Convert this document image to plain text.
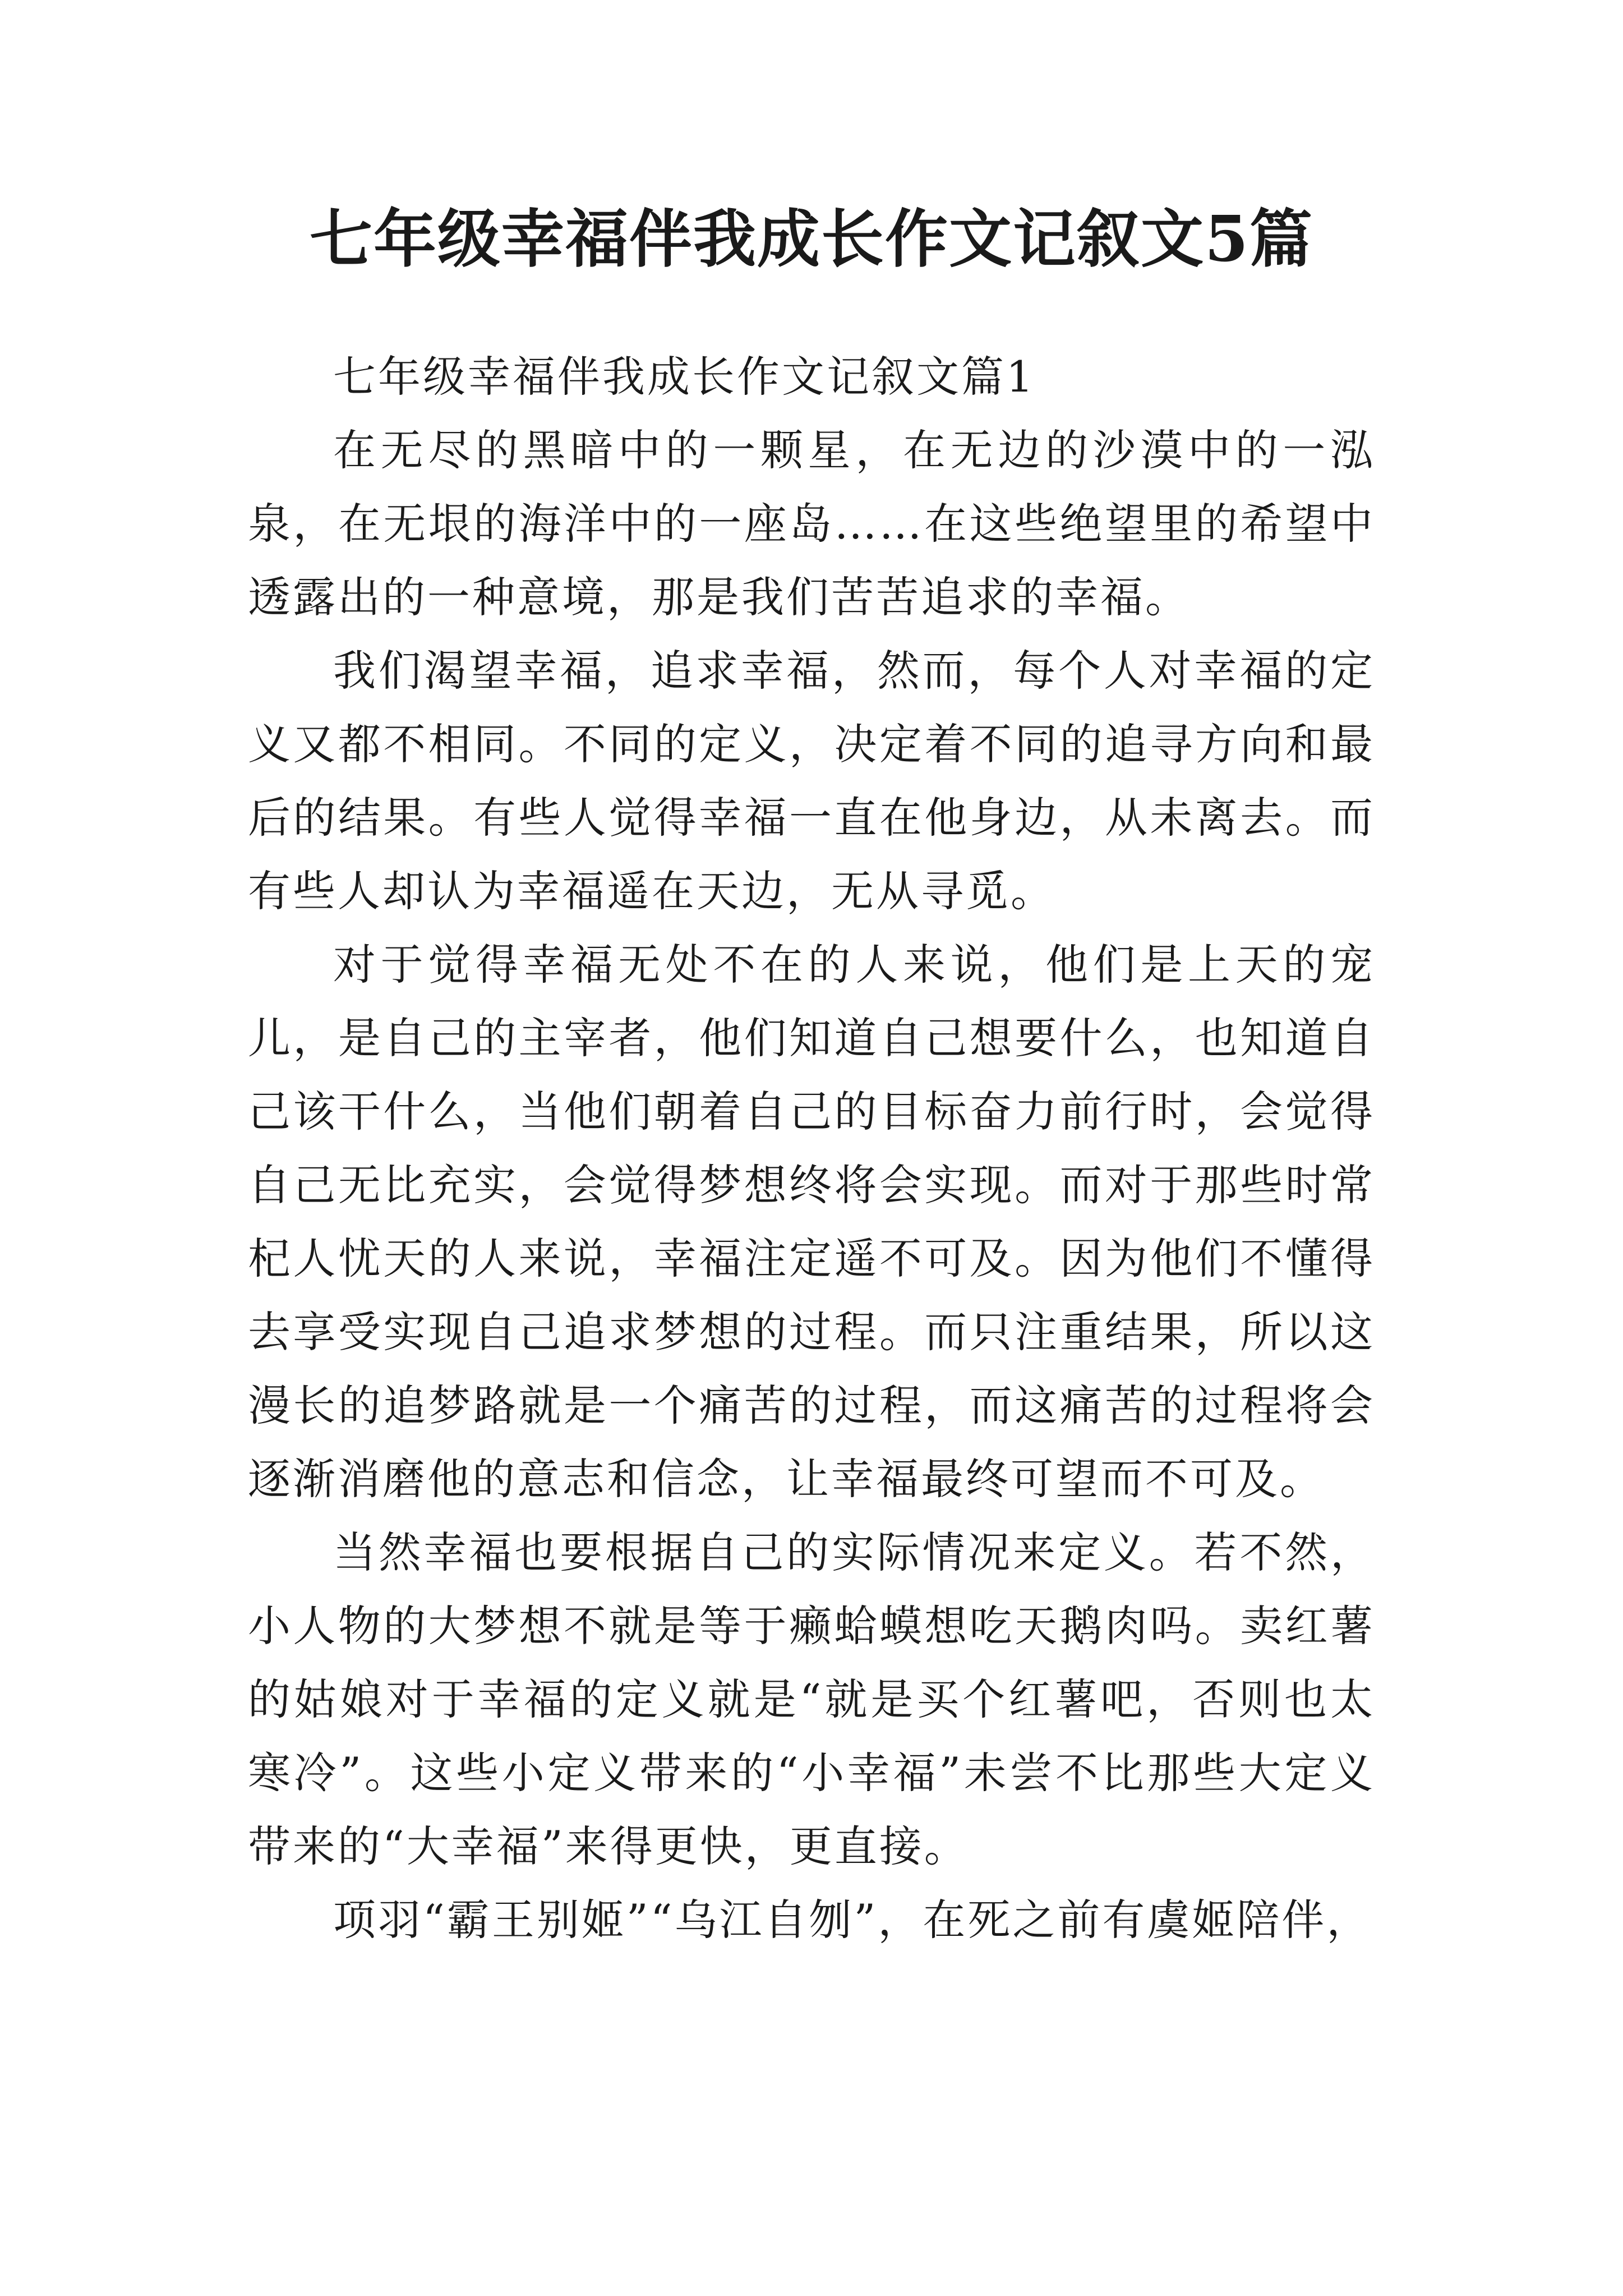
七年级幸福伴我成长作文记叙文5篇

七年级幸福伴我成长作文记叙文篇1

在无尽的黑暗中的一颗星，在无边的沙漠中的一泓泉，在无垠的海洋中的一座岛……在这些绝望里的希望中透露出的一种意境，那是我们苦苦追求的幸福。

我们渴望幸福，追求幸福，然而，每个人对幸福的定义又都不相同。不同的定义，决定着不同的追寻方向和最后的结果。有些人觉得幸福一直在他身边，从未离去。而有些人却认为幸福遥在天边，无从寻觅。

对于觉得幸福无处不在的人来说，他们是上天的宠儿，是自己的主宰者，他们知道自己想要什么，也知道自己该干什么，当他们朝着自己的目标奋力前行时，会觉得自己无比充实，会觉得梦想终将会实现。而对于那些时常杞人忧天的人来说，幸福注定遥不可及。因为他们不懂得去享受实现自己追求梦想的过程。而只注重结果，所以这漫长的追梦路就是一个痛苦的过程，而这痛苦的过程将会逐渐消磨他的意志和信念，让幸福最终可望而不可及。

当然幸福也要根据自己的实际情况来定义。若不然，小人物的大梦想不就是等于癞蛤蟆想吃天鹅肉吗。卖红薯的姑娘对于幸福的定义就是“就是买个红薯吧，否则也太寒冷”。这些小定义带来的“小幸福”未尝不比那些大定义带来的“大幸福”来得更快，更直接。

项羽“霸王别姬”“乌江自刎”，在死之前有虞姬陪伴，
